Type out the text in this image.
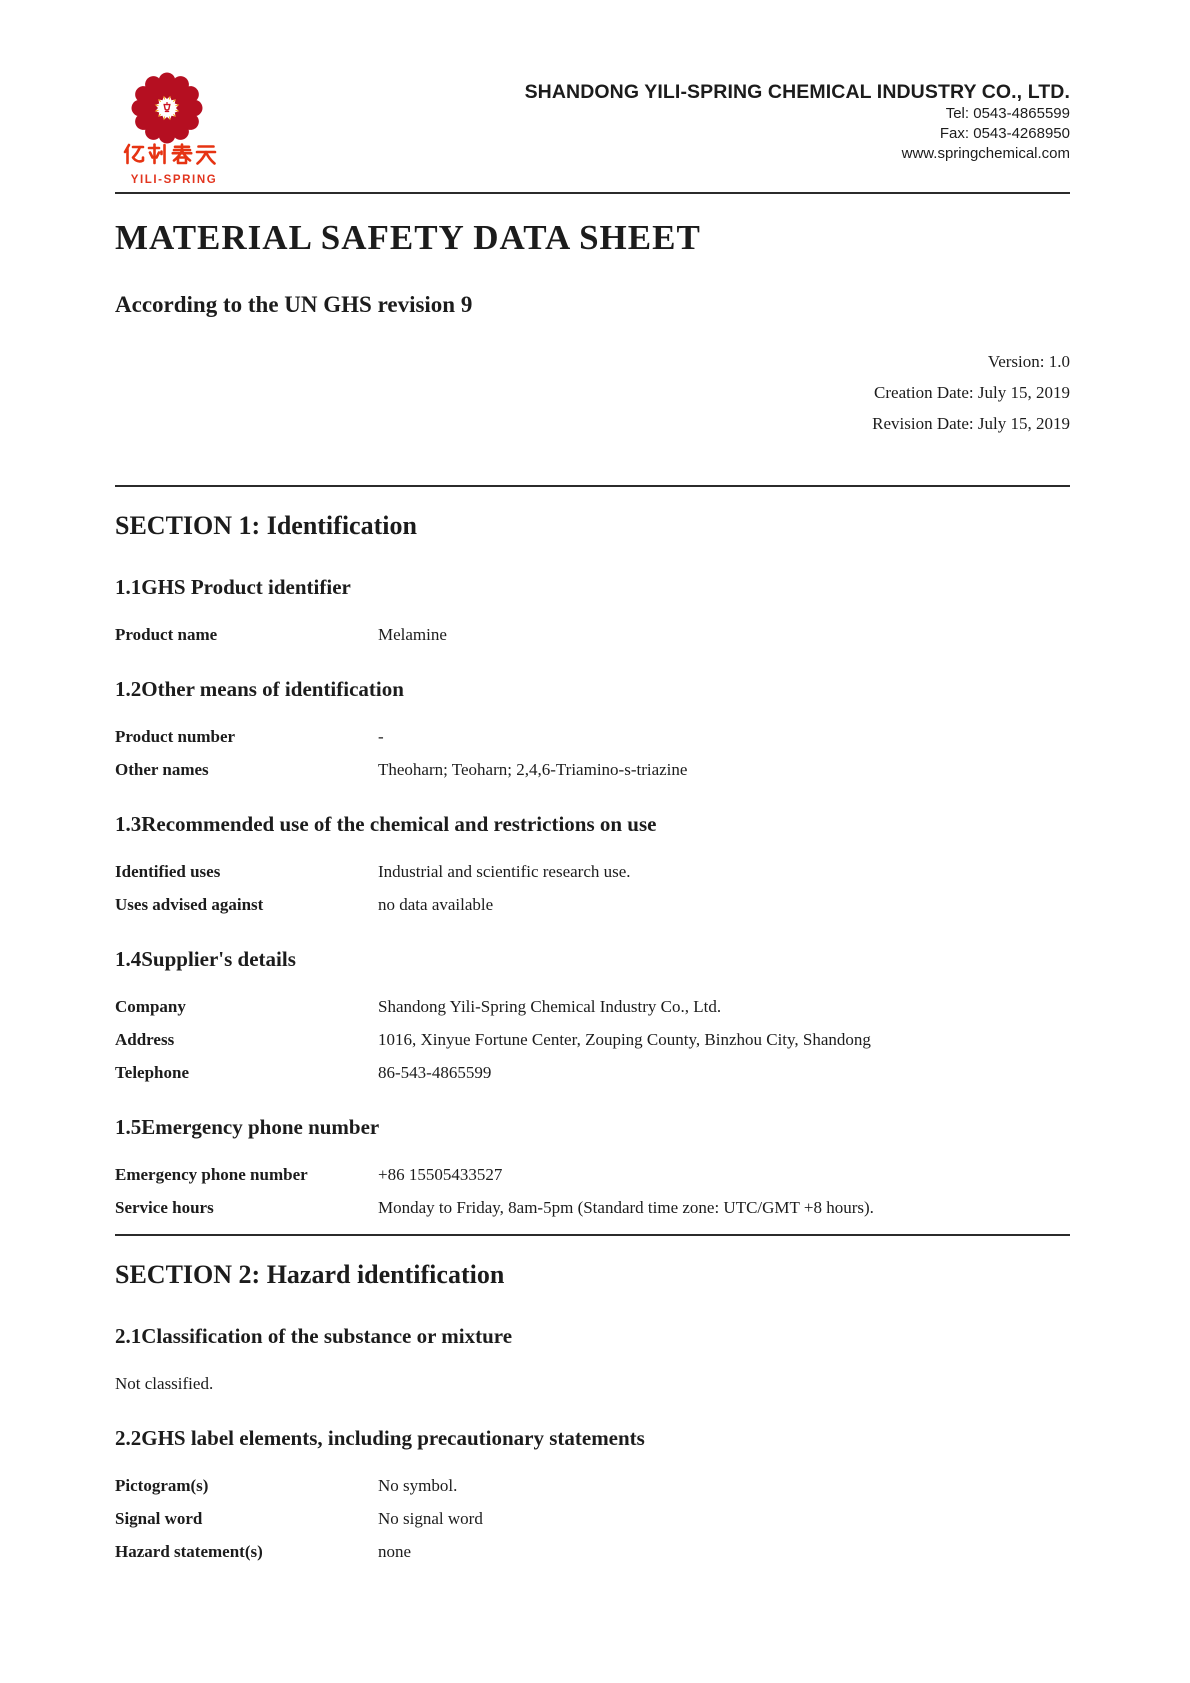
YILI-SPRING
SHANDONG YILI-SPRING CHEMICAL INDUSTRY CO., LTD.
Tel: 0543-4865599
Fax: 0543-4268950
www.springchemical.com
MATERIAL SAFETY DATA SHEET
According to the UN GHS revision 9
Version: 1.0
Creation Date: July 15, 2019
Revision Date: July 15, 2019
SECTION 1: Identification
1.1GHS Product identifier
Product name	Melamine
1.2Other means of identification
Product number	-
Other names	Theoharn; Teoharn; 2,4,6-Triamino-s-triazine
1.3Recommended use of the chemical and restrictions on use
Identified uses	Industrial and scientific research use.
Uses advised against	no data available
1.4Supplier's details
Company	Shandong Yili-Spring Chemical Industry Co., Ltd.
Address	1016, Xinyue Fortune Center, Zouping County, Binzhou City, Shandong
Telephone	86-543-4865599
1.5Emergency phone number
Emergency phone number	+86 15505433527
Service hours	Monday to Friday, 8am-5pm (Standard time zone: UTC/GMT +8 hours).
SECTION 2: Hazard identification
2.1Classification of the substance or mixture

Not classified.

2.2GHS label elements, including precautionary statements
Pictogram(s)	No symbol.
Signal word	No signal word
Hazard statement(s)	none
